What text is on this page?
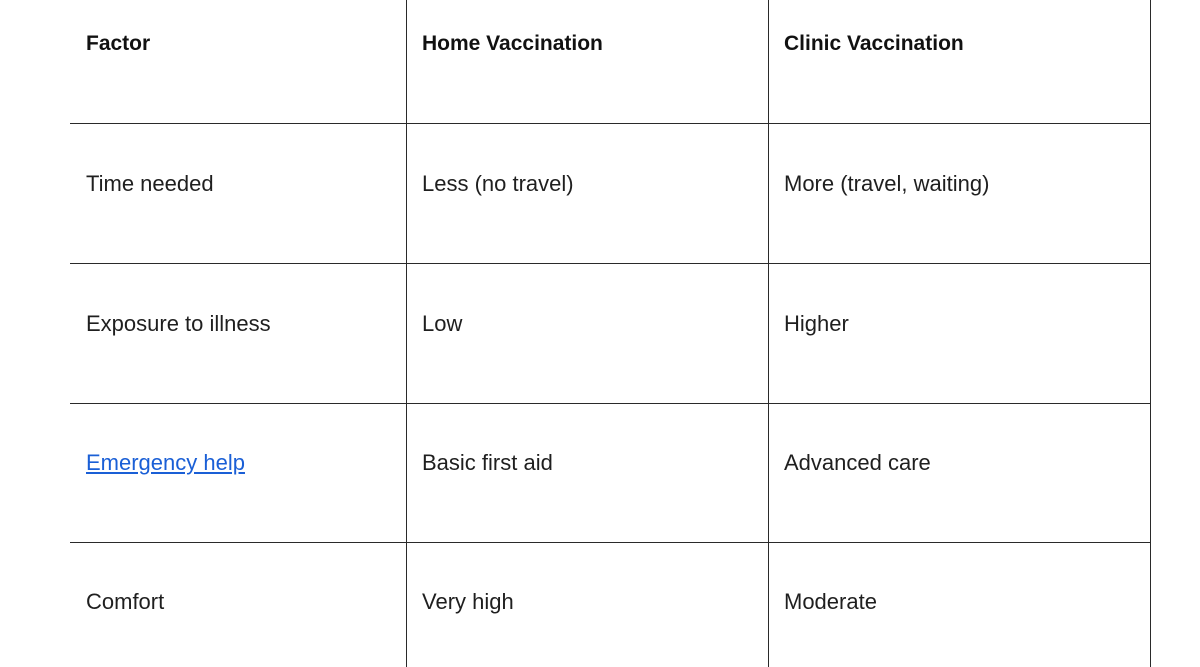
Factor	Home Vaccination	Clinic Vaccination
Time needed	Less (no travel)	More (travel, waiting)
Exposure to illness	Low	Higher
Emergency help	Basic first aid	Advanced care
Comfort	Very high	Moderate
